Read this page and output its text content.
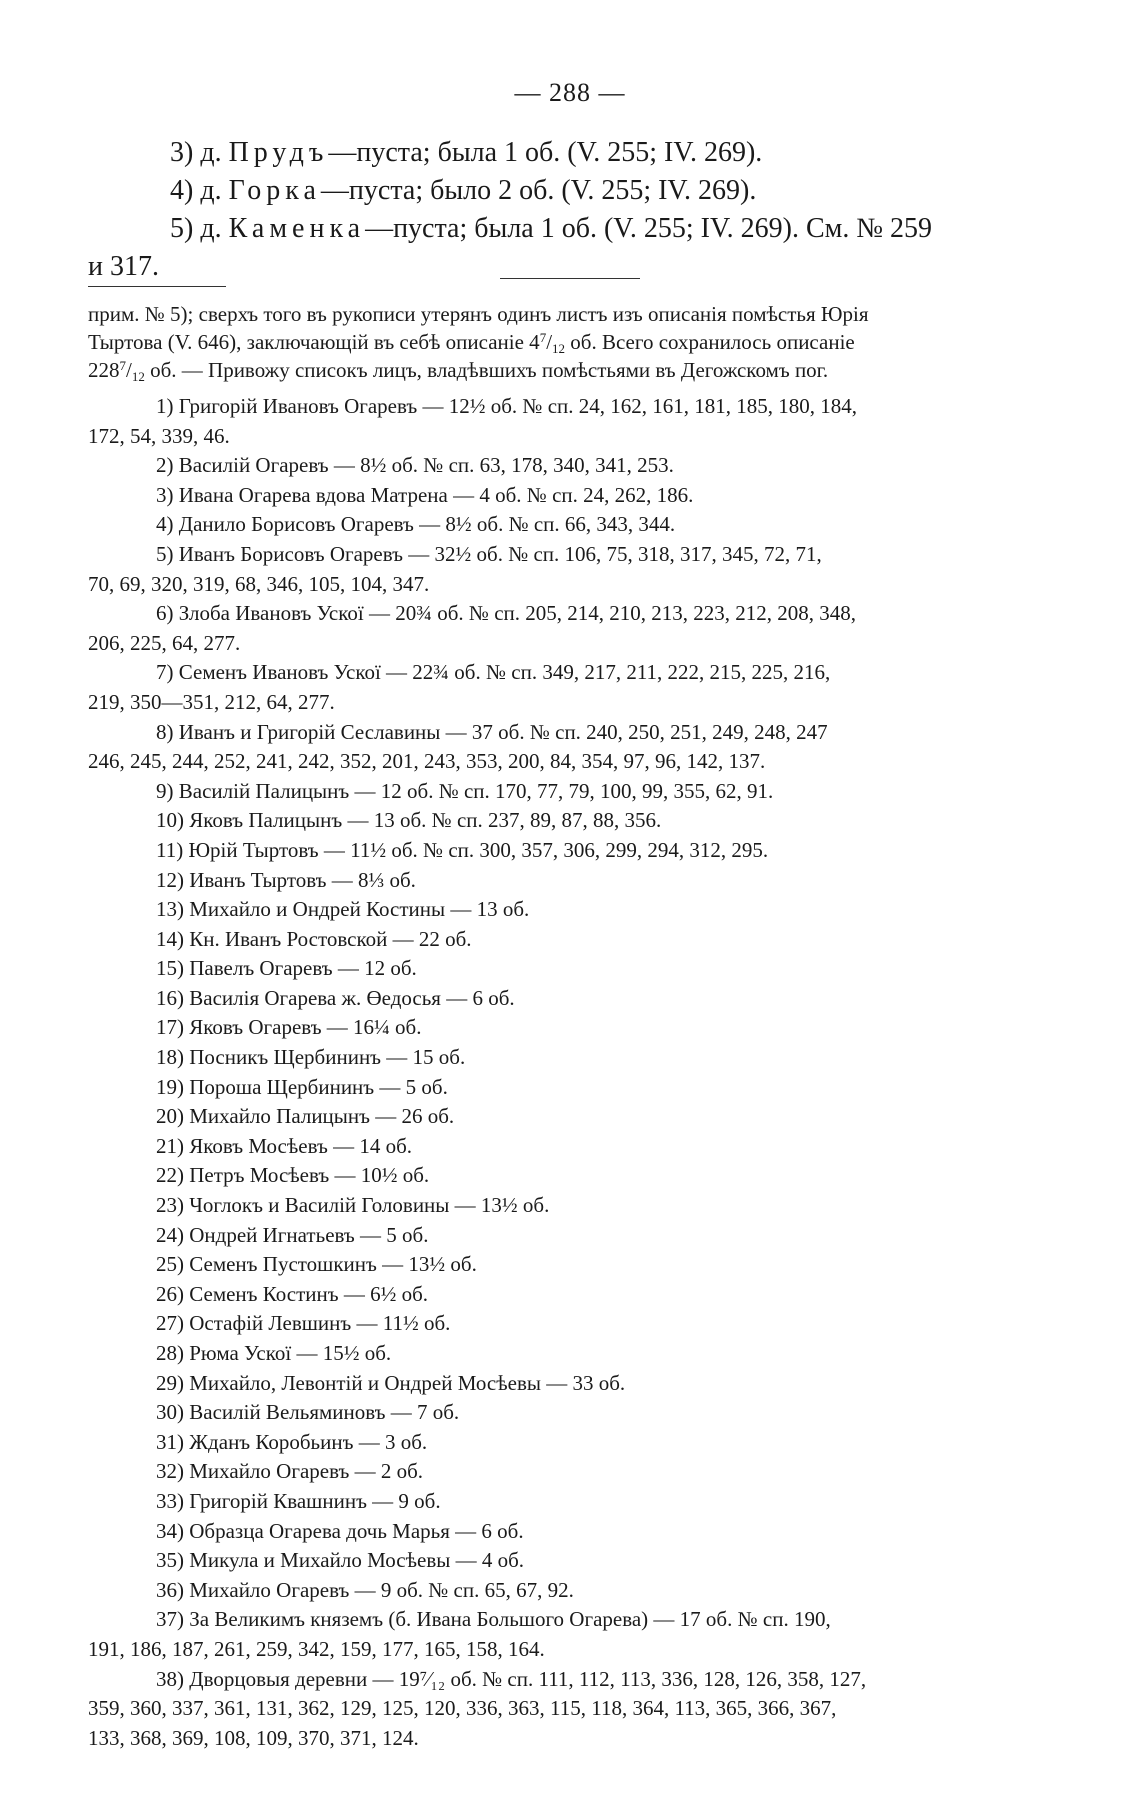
— 288 —
3) д. Прудъ—пуста; была 1 об. (V. 255; IV. 269).
4) д. Горка—пуста; было 2 об. (V. 255; IV. 269).
5) д. Каменка—пуста; была 1 об. (V. 255; IV. 269). См. № 259
и 317.

прим. № 5); сверхъ того въ рукописи утерянъ одинъ листъ изъ описанія помѣстья Юрія
Тыртова (V. 646), заключающій въ себѣ описаніе $4^7/_{12}$ об. Всего сохранилось описаніе
$228^7/_{12}$ об. — Привожу списокъ лицъ, владѣвшихъ помѣстьями въ Дегожскомъ пог.

1) Григорій Ивановъ Огаревъ — 12½ об. № сп. 24, 162, 161, 181, 185, 180, 184,
172, 54, 339, 46.
2) Василій Огаревъ — 8½ об. № сп. 63, 178, 340, 341, 253.
3) Ивана Огарева вдова Матрена — 4 об. № сп. 24, 262, 186.
4) Данило Борисовъ Огаревъ — 8½ об. № сп. 66, 343, 344.
5) Иванъ Борисовъ Огаревъ — 32½ об. № сп. 106, 75, 318, 317, 345, 72, 71,
70, 69, 320, 319, 68, 346, 105, 104, 347.
6) Злоба Ивановъ Ускої — 20¾ об. № сп. 205, 214, 210, 213, 223, 212, 208, 348,
206, 225, 64, 277.
7) Семенъ Ивановъ Ускої — 22¾ об. № сп. 349, 217, 211, 222, 215, 225, 216,
219, 350—351, 212, 64, 277.
8) Иванъ и Григорій Сеславины — 37 об. № сп. 240, 250, 251, 249, 248, 247
246, 245, 244, 252, 241, 242, 352, 201, 243, 353, 200, 84, 354, 97, 96, 142, 137.
9) Василій Палицынъ — 12 об. № сп. 170, 77, 79, 100, 99, 355, 62, 91.
10) Яковъ Палицынъ — 13 об. № сп. 237, 89, 87, 88, 356.
11) Юрій Тыртовъ — 11½ об. № сп. 300, 357, 306, 299, 294, 312, 295.
12) Иванъ Тыртовъ — 8⅓ об.
13) Михайло и Ондрей Костины — 13 об.
14) Кн. Иванъ Ростовской — 22 об.
15) Павелъ Огаревъ — 12 об.
16) Василія Огарева ж. Өедосья — 6 об.
17) Яковъ Огаревъ — 16¼ об.
18) Посникъ Щербининъ — 15 об.
19) Пороша Щербининъ — 5 об.
20) Михайло Палицынъ — 26 об.
21) Яковъ Мосѣевъ — 14 об.
22) Петръ Мосѣевъ — 10½ об.
23) Чоглокъ и Василій Головины — 13½ об.
24) Ондрей Игнатьевъ — 5 об.
25) Семенъ Пустошкинъ — 13½ об.
26) Семенъ Костинъ — 6½ об.
27) Остафій Левшинъ — 11½ об.
28) Рюма Ускої — 15½ об.
29) Михайло, Левонтій и Ондрей Мосѣевы — 33 об.
30) Василій Вельяминовъ — 7 об.
31) Жданъ Коробьинъ — 3 об.
32) Михайло Огаревъ — 2 об.
33) Григорій Квашнинъ — 9 об.
34) Образца Огарева дочь Марья — 6 об.
35) Микула и Михайло Мосѣевы — 4 об.
36) Михайло Огаревъ — 9 об. № сп. 65, 67, 92.
37) За Великимъ княземъ (б. Ивана Большого Огарева) — 17 об. № сп. 190,
191, 186, 187, 261, 259, 342, 159, 177, 165, 158, 164.
38) Дворцовыя деревни — 19⁷⁄₁₂ об. № сп. 111, 112, 113, 336, 128, 126, 358, 127,
359, 360, 337, 361, 131, 362, 129, 125, 120, 336, 363, 115, 118, 364, 113, 365, 366, 367,
133, 368, 369, 108, 109, 370, 371, 124.
